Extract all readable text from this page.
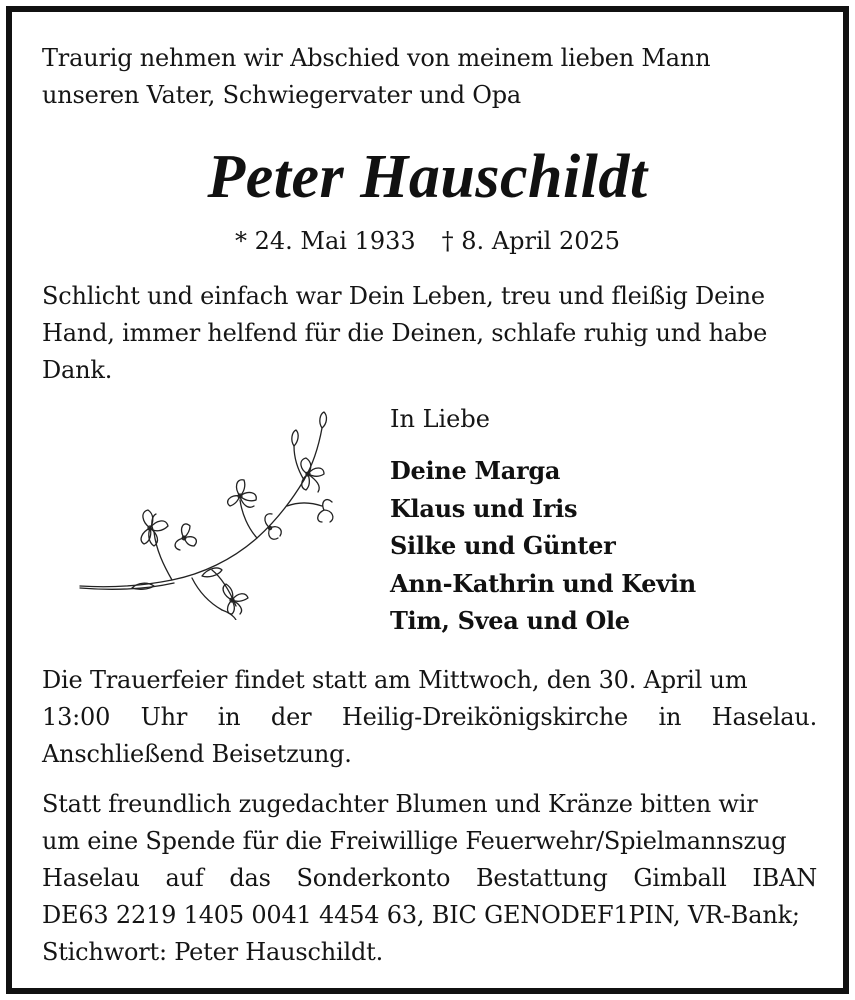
Traurig nehmen wir Abschied von meinem lieben Mann
unseren Vater, Schwiegervater und Opa

Peter Hauschildt

* 24. Mai 1933 † 8. April 2025

Schlicht und einfach war Dein Leben, treu und fleißig Deine
Hand, immer helfend für die Deinen, schlafe ruhig und habe
Dank.

In Liebe

Deine Marga
Klaus und Iris
Silke und Günter
Ann-Kathrin und Kevin
Tim, Svea und Ole

Die Trauerfeier findet statt am Mittwoch, den 30. April um
13:00 Uhr in der Heilig-Dreikönigskirche in Haselau.
Anschließend Beisetzung.

Statt freundlich zugedachter Blumen und Kränze bitten wir
um eine Spende für die Freiwillige Feuerwehr/Spielmannszug
Haselau auf das Sonderkonto Bestattung Gimball IBAN
DE63 2219 1405 0041 4454 63, BIC GENODEF1PIN, VR-Bank;
Stichwort: Peter Hauschildt.
